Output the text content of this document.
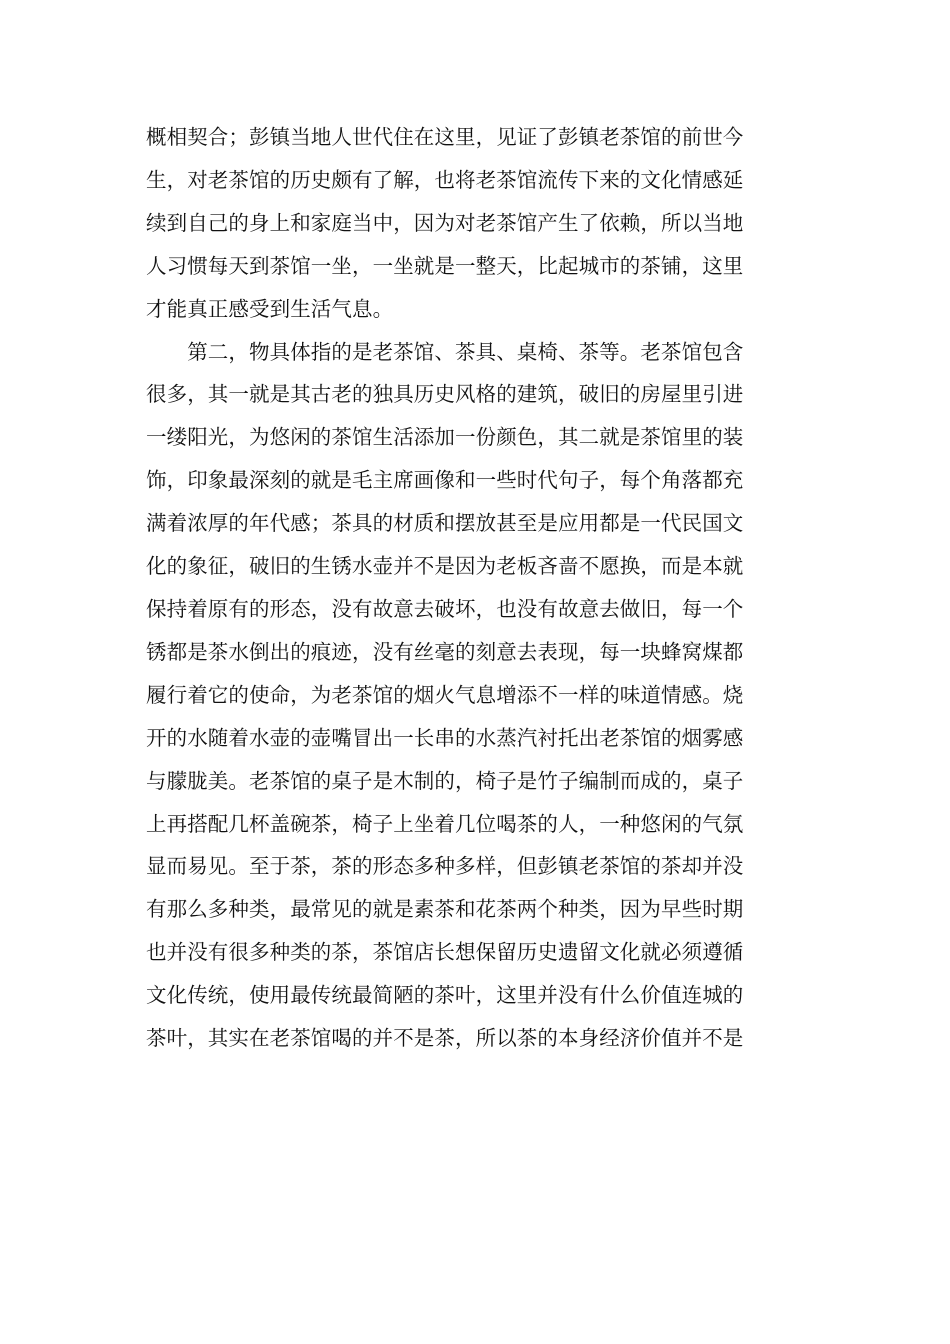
概相契合；彭镇当地人世代住在这里，见证了彭镇老茶馆的前世今
生，对老茶馆的历史颇有了解，也将老茶馆流传下来的文化情感延
续到自己的身上和家庭当中，因为对老茶馆产生了依赖，所以当地
人习惯每天到茶馆一坐，一坐就是一整天，比起城市的茶铺，这里
才能真正感受到生活气息。
　　第二，物具体指的是老茶馆、茶具、桌椅、茶等。老茶馆包含
很多，其一就是其古老的独具历史风格的建筑，破旧的房屋里引进
一缕阳光，为悠闲的茶馆生活添加一份颜色，其二就是茶馆里的装
饰，印象最深刻的就是毛主席画像和一些时代句子，每个角落都充
满着浓厚的年代感；茶具的材质和摆放甚至是应用都是一代民国文
化的象征，破旧的生锈水壶并不是因为老板吝啬不愿换，而是本就
保持着原有的形态，没有故意去破坏，也没有故意去做旧，每一个
锈都是茶水倒出的痕迹，没有丝毫的刻意去表现，每一块蜂窝煤都
履行着它的使命，为老茶馆的烟火气息增添不一样的味道情感。烧
开的水随着水壶的壶嘴冒出一长串的水蒸汽衬托出老茶馆的烟雾感
与朦胧美。老茶馆的桌子是木制的，椅子是竹子编制而成的，桌子
上再搭配几杯盖碗茶，椅子上坐着几位喝茶的人，一种悠闲的气氛
显而易见。至于茶，茶的形态多种多样，但彭镇老茶馆的茶却并没
有那么多种类，最常见的就是素茶和花茶两个种类，因为早些时期
也并没有很多种类的茶，茶馆店长想保留历史遗留文化就必须遵循
文化传统，使用最传统最简陋的茶叶，这里并没有什么价值连城的
茶叶，其实在老茶馆喝的并不是茶，所以茶的本身经济价值并不是
